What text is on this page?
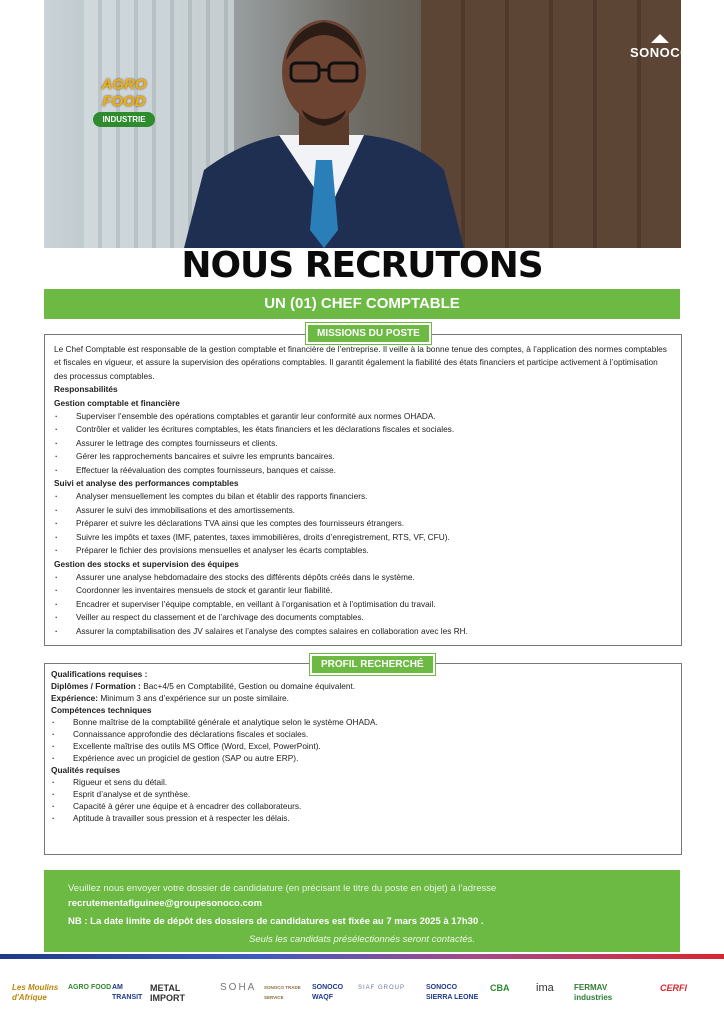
SONOCO
AGRO FOOD
INDUSTRIE
NOUS RECRUTONS
UN (01) CHEF COMPTABLE

Le Chef Comptable est responsable de la gestion comptable et financière de l’entreprise. Il veille à la bonne tenue des comptes, à l’application des normes comptables et fiscales en vigueur, et assure la supervision des opérations comptables. Il garantit également la fiabilité des états financiers et participe activement à l’optimisation des processus comptables.

Responsabilités
Gestion comptable et financière
· Superviser l’ensemble des opérations comptables et garantir leur conformité aux normes OHADA.
· Contrôler et valider les écritures comptables, les états financiers et les déclarations fiscales et sociales.
· Assurer le lettrage des comptes fournisseurs et clients.
· Gérer les rapprochements bancaires et suivre les emprunts bancaires.
· Effectuer la réévaluation des comptes fournisseurs, banques et caisse.
Suivi et analyse des performances comptables
· Analyser mensuellement les comptes du bilan et établir des rapports financiers.
· Assurer le suivi des immobilisations et des amortissements.
· Préparer et suivre les déclarations TVA ainsi que les comptes des fournisseurs étrangers.
· Suivre les impôts et taxes (IMF, patentes, taxes immobilières, droits d’enregistrement, RTS, VF, CFU).
· Préparer le fichier des provisions mensuelles et analyser les écarts comptables.
Gestion des stocks et supervision des équipes
· Assurer une analyse hebdomadaire des stocks des différents dépôts créés dans le système.
· Coordonner les inventaires mensuels de stock et garantir leur fiabilité.
· Encadrer et superviser l’équipe comptable, en veillant à l’organisation et à l’optimisation du travail.
· Veiller au respect du classement et de l’archivage des documents comptables.
· Assurer la comptabilisation des JV salaires et l’analyse des comptes salaires en collaboration avec les RH.
MISSIONS DU POSTE
Qualifications requises :
Diplômes / Formation : Bac+4/5 en Comptabilité, Gestion ou domaine équivalent.
Expérience: Minimum 3 ans d’expérience sur un poste similaire.
Compétences techniques
· Bonne maîtrise de la comptabilité générale et analytique selon le système OHADA.
· Connaissance approfondie des déclarations fiscales et sociales.
· Excellente maîtrise des outils MS Office (Word, Excel, PowerPoint).
· Expérience avec un progiciel de gestion (SAP ou autre ERP).
Qualités requises
· Rigueur et sens du détail.
· Esprit d’analyse et de synthèse.
· Capacité à gérer une équipe et à encadrer des collaborateurs.
· Aptitude à travailler sous pression et à respecter les délais.
PROFIL RECHERCHÉ
Veuillez nous envoyer votre dossier de candidature (en précisant le titre du poste en objet) à l’adresse
recrutementafiguinee@groupesonoco.com
NB : La date limite de dépôt des dossiers de candidatures est fixée au 7 mars 2025 à 17h30 .
Seuls les candidats présélectionnés seront contactés.
Les Moulins d'Afrique
AGRO FOOD AM TRANSIT
METAL IMPORT
SOHA SONOCO TRADE SERVICE
SONOCO WAQF
SIAF GROUP	SONOCO SIERRA LEONE
CBA ima	FERMAV industries
CERFI
